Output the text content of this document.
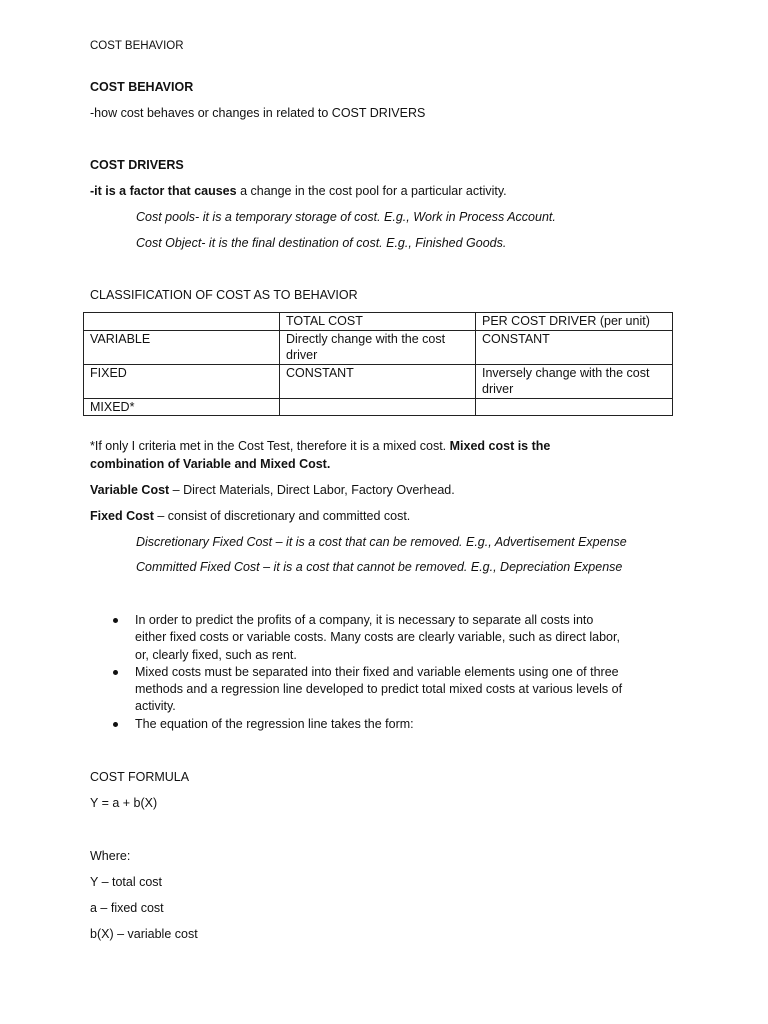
COST BEHAVIOR
COST BEHAVIOR
-how cost behaves or changes in related to COST DRIVERS
COST DRIVERS
-it is a factor that causes a change in the cost pool for a particular activity.
Cost pools- it is a temporary storage of cost. E.g., Work in Process Account.
Cost Object- it is the final destination of cost. E.g., Finished Goods.
CLASSIFICATION OF COST AS TO BEHAVIOR
	TOTAL COST	PER COST DRIVER (per unit)
VARIABLE	Directly change with the cost driver	CONSTANT
FIXED	CONSTANT	Inversely change with the cost driver
MIXED*		
*If only I criteria met in the Cost Test, therefore it is a mixed cost. Mixed cost is the combination of Variable and Mixed Cost.
Variable Cost – Direct Materials, Direct Labor, Factory Overhead.
Fixed Cost – consist of discretionary and committed cost.
Discretionary Fixed Cost – it is a cost that can be removed. E.g., Advertisement Expense
Committed Fixed Cost – it is a cost that cannot be removed. E.g., Depreciation Expense
In order to predict the profits of a company, it is necessary to separate all costs into
either fixed costs or variable costs. Many costs are clearly variable, such as direct labor,
or, clearly fixed, such as rent.
Mixed costs must be separated into their fixed and variable elements using one of three
methods and a regression line developed to predict total mixed costs at various levels of
activity.
The equation of the regression line takes the form:
COST FORMULA
Y = a + b(X)
Where:
Y – total cost
a – fixed cost
b(X) – variable cost
